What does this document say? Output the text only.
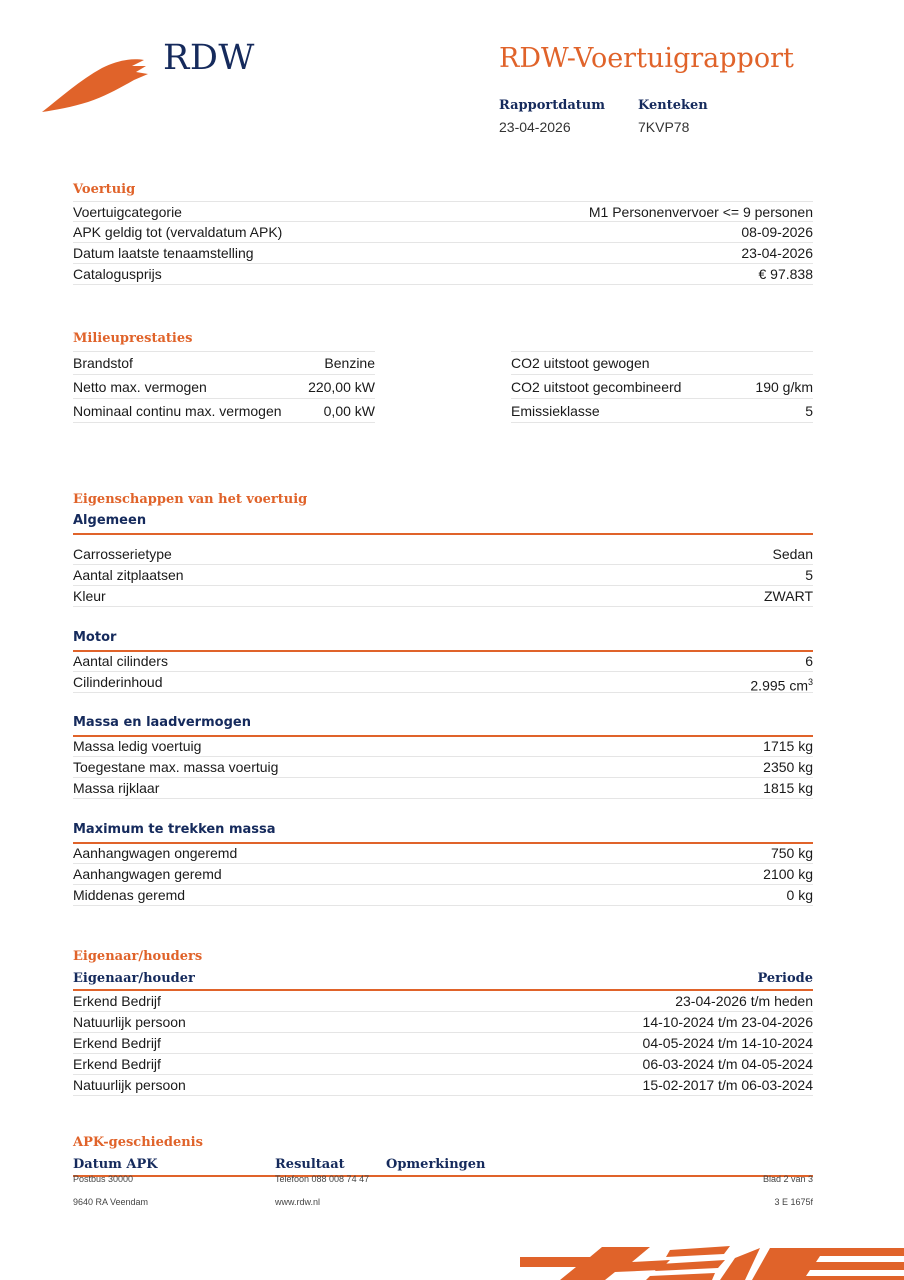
RDW	RDW-Voertuigrapport
Rapportdatum
23-04-2026
Kenteken
7KVP78
Voertuig
Voertuigcategorie	M1 Personenvervoer <= 9 personen
APK geldig tot (vervaldatum APK)	08-09-2026
Datum laatste tenaamstelling	23-04-2026
Catalogusprijs	€ 97.838
Milieuprestaties
Brandstof	Benzine	CO2 uitstoot gewogen
Netto max. vermogen	220,00 kW	CO2 uitstoot gecombineerd	190 g/km
Nominaal continu max. vermogen	0,00 kW	Emissieklasse	5
Eigenschappen van het voertuig
Algemeen
Carrosserietype	Sedan
Aantal zitplaatsen	5
Kleur	ZWART
Motor
Aantal cilinders	6
Cilinderinhoud	2.995 $cm^3$
Massa en laadvermogen
Massa ledig voertuig	1715 kg
Toegestane max. massa voertuig	2350 kg
Massa rijklaar	1815 kg
Maximum te trekken massa
Aanhangwagen ongeremd	750 kg
Aanhangwagen geremd	2100 kg
Middenas geremd	0 kg
Eigenaar/houders
Eigenaar/houder	Periode
Erkend Bedrijf	23-04-2026 t/m heden
Natuurlijk persoon	14-10-2024 t/m 23-04-2026
Erkend Bedrijf	04-05-2024 t/m 14-10-2024
Erkend Bedrijf	06-03-2024 t/m 04-05-2024
Natuurlijk persoon	15-02-2017 t/m 06-03-2024
APK-geschiedenis
Datum APK	Resultaat	Opmerkingen
Postbus 30000
9640 RA Veendam
Telefoon 088 008 74 47
www.rdw.nl
Blad 2 van 3
3 E 1675f
